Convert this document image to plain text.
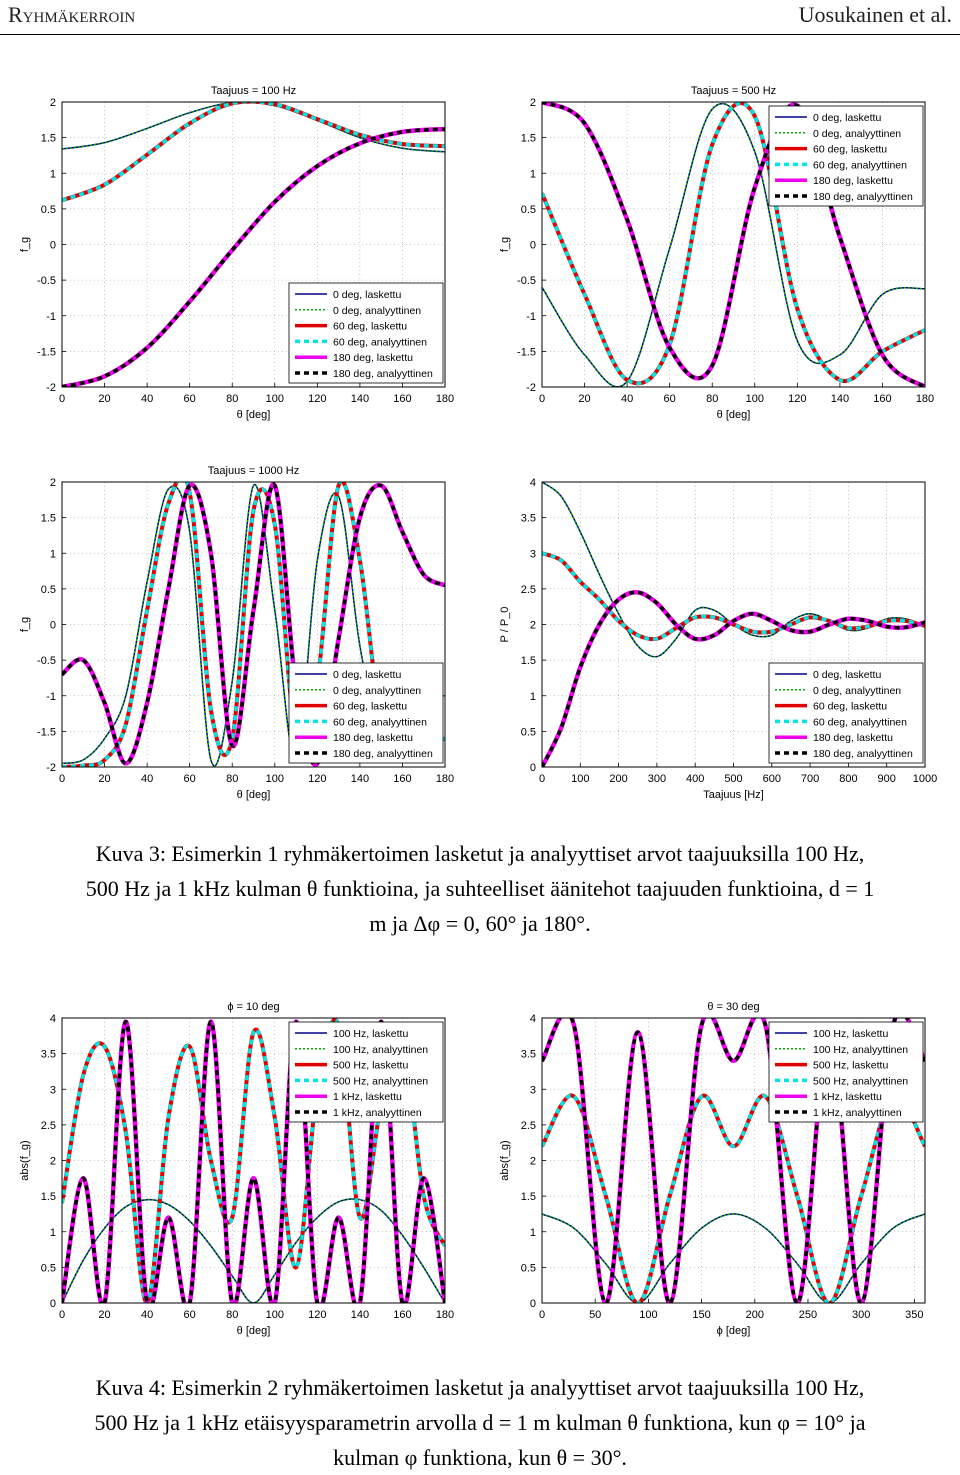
Ryhmäkerroin	Uosukainen et al.
0	20	40	60	80 100 120 140 160 180
-2
-1.5
-1
-0.5
0
0.5
1
1.5
2
Taajuus = 100 Hz
θ [deg]
f_g
0 deg, laskettu
0 deg, analyyttinen
60 deg, laskettu
60 deg, analyyttinen
180 deg, laskettu
180 deg, analyyttinen
0	20	40	60	80 100 120 140 160 180
-2
-1.5
-1
-0.5
0
0.5
1
1.5
2
Taajuus = 500 Hz
θ [deg]
f_g
0 deg, laskettu
0 deg, analyyttinen
60 deg, laskettu
60 deg, analyyttinen
180 deg, laskettu
180 deg, analyyttinen
0	20	40	60	80 100 120 140 160 180
-2
-1.5
-1
-0.5
0
0.5
1
1.5
2
Taajuus = 1000 Hz
θ [deg]
f_g
0 deg, laskettu
0 deg, analyyttinen
60 deg, laskettu
60 deg, analyyttinen
180 deg, laskettu
180 deg, analyyttinen
0 100 200 300 400 500 600 700 800 900 1000
0
0.5
1
1.5
2
2.5
3
3.5
4
Taajuus [Hz]
P / P_0
0 deg, laskettu
0 deg, analyyttinen
60 deg, laskettu
60 deg, analyyttinen
180 deg, laskettu
180 deg, analyyttinen
Kuva 3: Esimerkin 1 ryhmäkertoimen lasketut ja analyyttiset arvot taajuuksilla 100 Hz,
500 Hz ja 1 kHz kulman θ funktioina, ja suhteelliset äänitehot taajuuden funktioina, d = 1
m ja Δφ = 0, 60° ja 180°.
0	20	40	60	80 100 120 140 160 180
0
0.5
1
1.5
2
2.5
3
3.5
4
ϕ = 10 deg
θ [deg]
abs(f_g)
100 Hz, laskettu
100 Hz, analyyttinen
500 Hz, laskettu
500 Hz, analyyttinen
1 kHz, laskettu
1 kHz, analyyttinen
0	50	100	150	200	250	300	350
0
0.5
1
1.5
2
2.5
3
3.5
4
θ = 30 deg
ϕ [deg]
abs(f_g)
100 Hz, laskettu
100 Hz, analyyttinen
500 Hz, laskettu
500 Hz, analyyttinen
1 kHz, laskettu
1 kHz, analyyttinen
Kuva 4: Esimerkin 2 ryhmäkertoimen lasketut ja analyyttiset arvot taajuuksilla 100 Hz,
500 Hz ja 1 kHz etäisyysparametrin arvolla d = 1 m kulman θ funktiona, kun φ = 10° ja
kulman φ funktiona, kun θ = 30°.
